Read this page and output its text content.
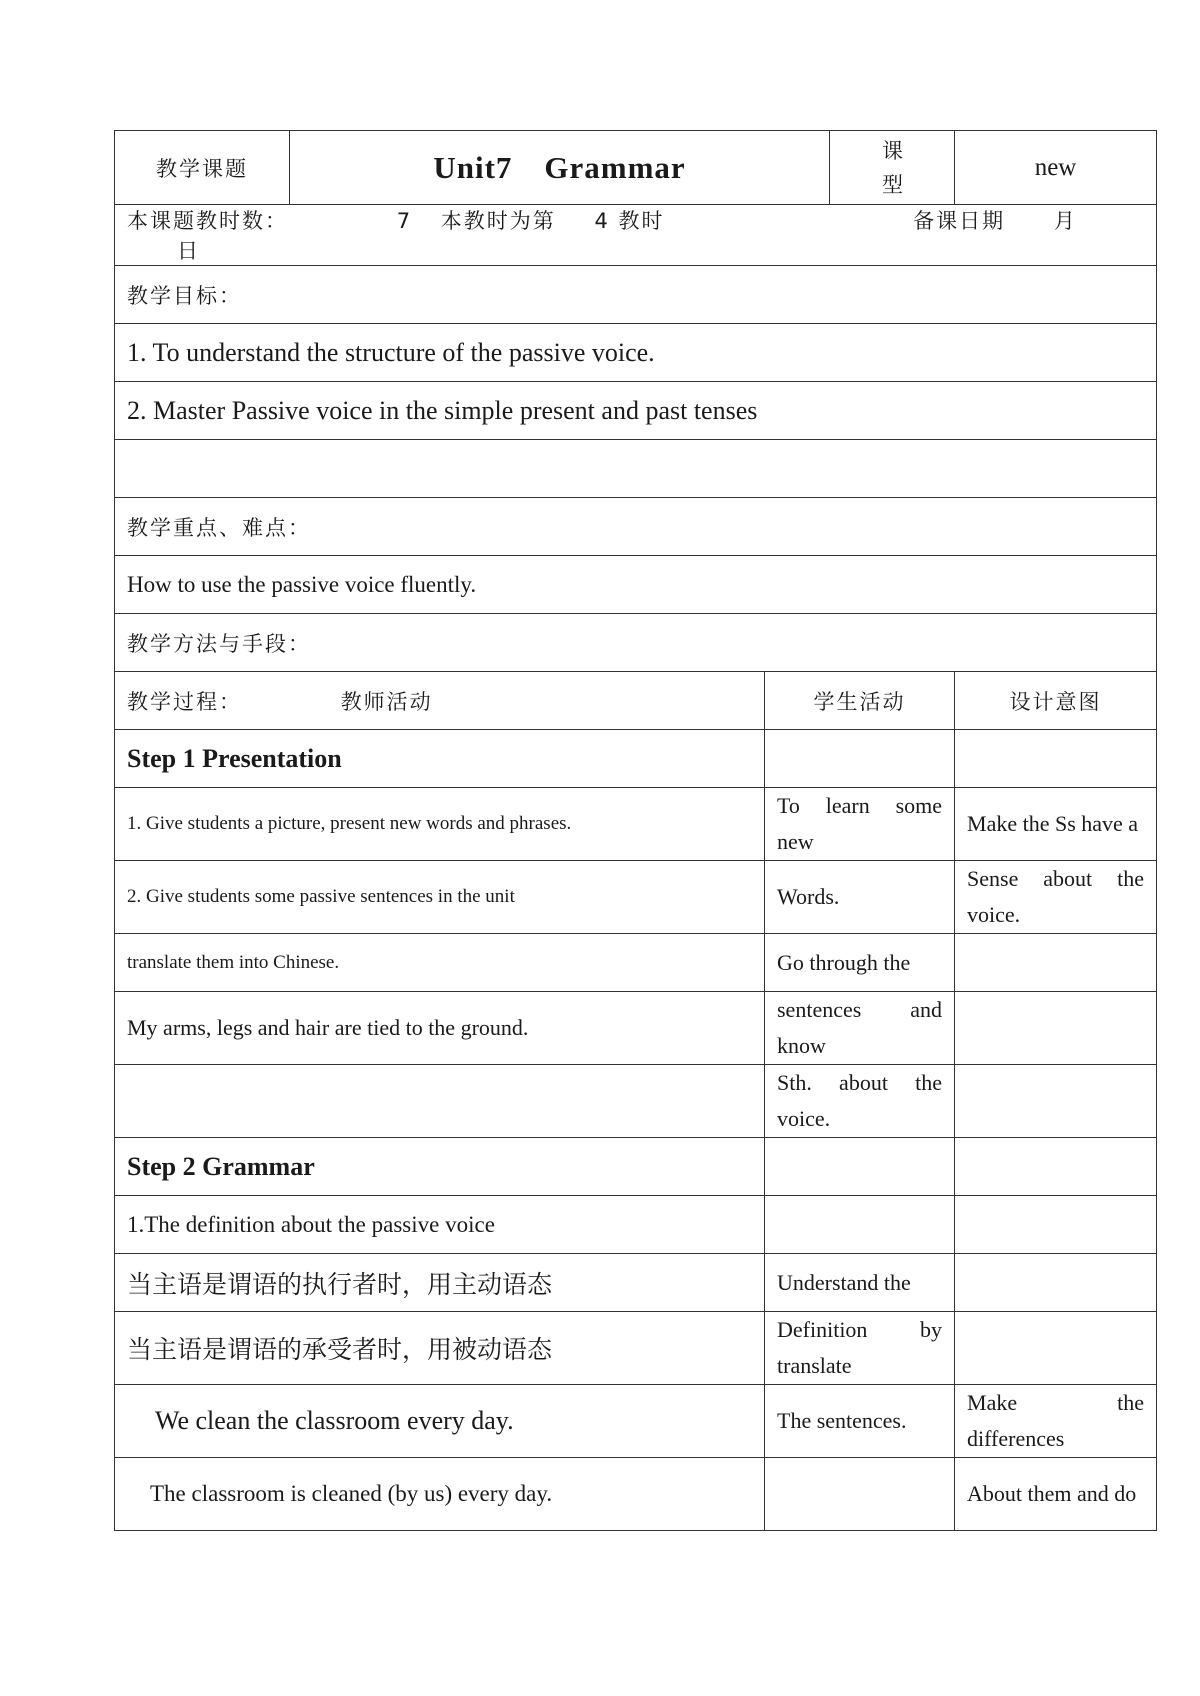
教学课题	Unit7 Grammar		课型	new
本课题教时数： 7 本教时为第 4 教时 备课日期 月 日				
教学目标：				
1. To understand the structure of the passive voice.				
2. Master Passive voice in the simple present and past tenses				

教学重点、难点：				
How to use the passive voice fluently.				
教学方法与手段：				
教学过程： 教师活动		学生活动		设计意图
Step 1 Presentation				
1. Give students a picture, present new words and phrases.		To learn some new		Make the Ss have a
2. Give students some passive sentences in the unit		Words.		Sense about the voice.
translate them into Chinese.		Go through the		
My arms, legs and hair are tied to the ground.		sentences and know		
		Sth. about the voice.		
Step 2 Grammar				
1.The definition about the passive voice				
当主语是谓语的执行者时，用主动语态		Understand the		
当主语是谓语的承受者时，用被动语态		Definition by translate		
We clean the classroom every day.		The sentences.		Make the differences
The classroom is cleaned (by us) every day.				About them and do
